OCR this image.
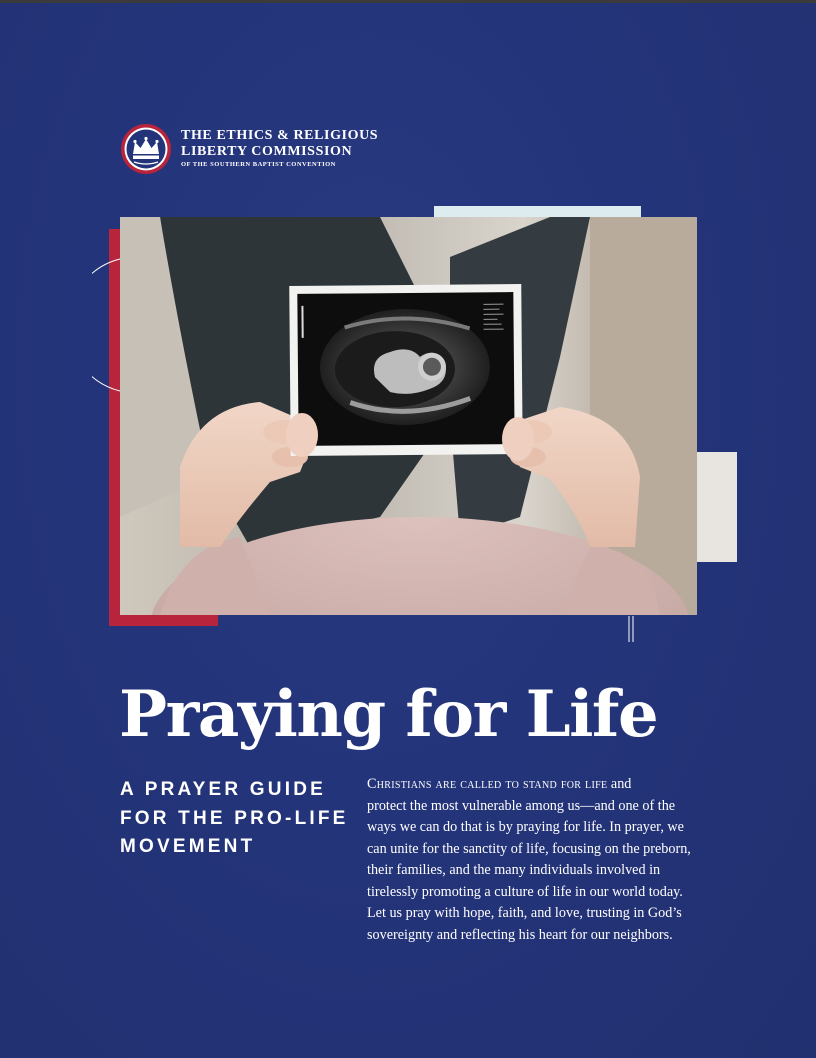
THE ETHICS & RELIGIOUS
LIBERTY COMMISSION
OF THE SOUTHERN BAPTIST CONVENTION
Praying for Life
A PRAYER GUIDE
FOR THE PRO-LIFE
MOVEMENT
Christians are called to stand for life and
protect the most vulnerable among us—and one of the
ways we can do that is by praying for life. In prayer, we
can unite for the sanctity of life, focusing on the preborn,
their families, and the many individuals involved in
tirelessly promoting a culture of life in our world today.
Let us pray with hope, faith, and love, trusting in God’s
sovereignty and reflecting his heart for our neighbors.
